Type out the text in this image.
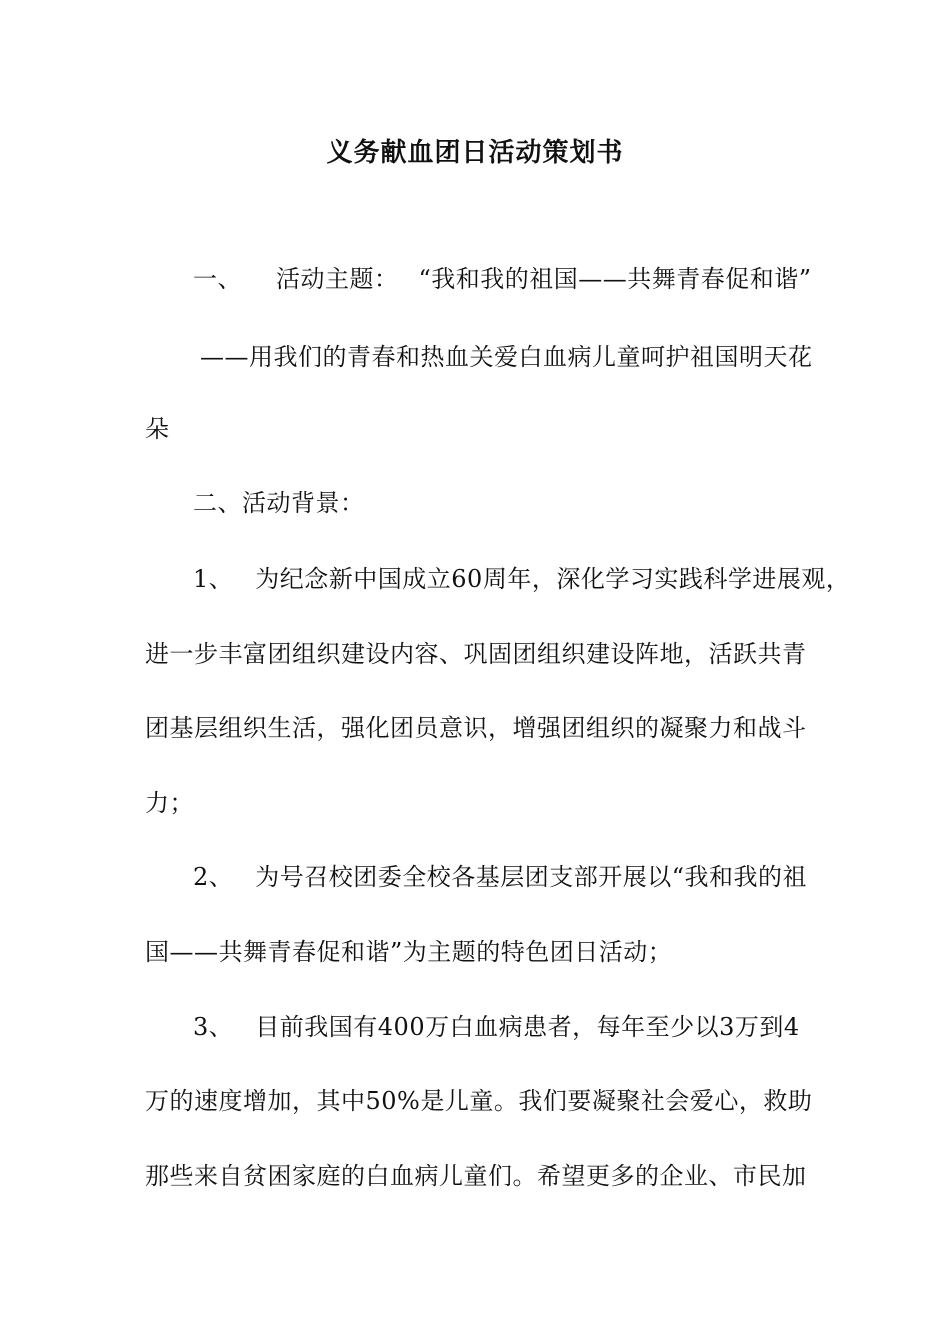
义务献血团日活动策划书
一、 活动主题： “我和我的祖国——共舞青春促和谐”
——用我们的青春和热血关爱白血病儿童呵护祖国明天花
朵
二、活动背景：
1、 为纪念新中国成立60周年，深化学习实践科学进展观，
进一步丰富团组织建设内容、巩固团组织建设阵地，活跃共青
团基层组织生活，强化团员意识，增强团组织的凝聚力和战斗
力；
2、 为号召校团委全校各基层团支部开展以“我和我的祖
国——共舞青春促和谐”为主题的特色团日活动；
3、 目前我国有400万白血病患者，每年至少以3万到4
万的速度增加，其中50%是儿童。我们要凝聚社会爱心，救助
那些来自贫困家庭的白血病儿童们。希望更多的企业、市民加
